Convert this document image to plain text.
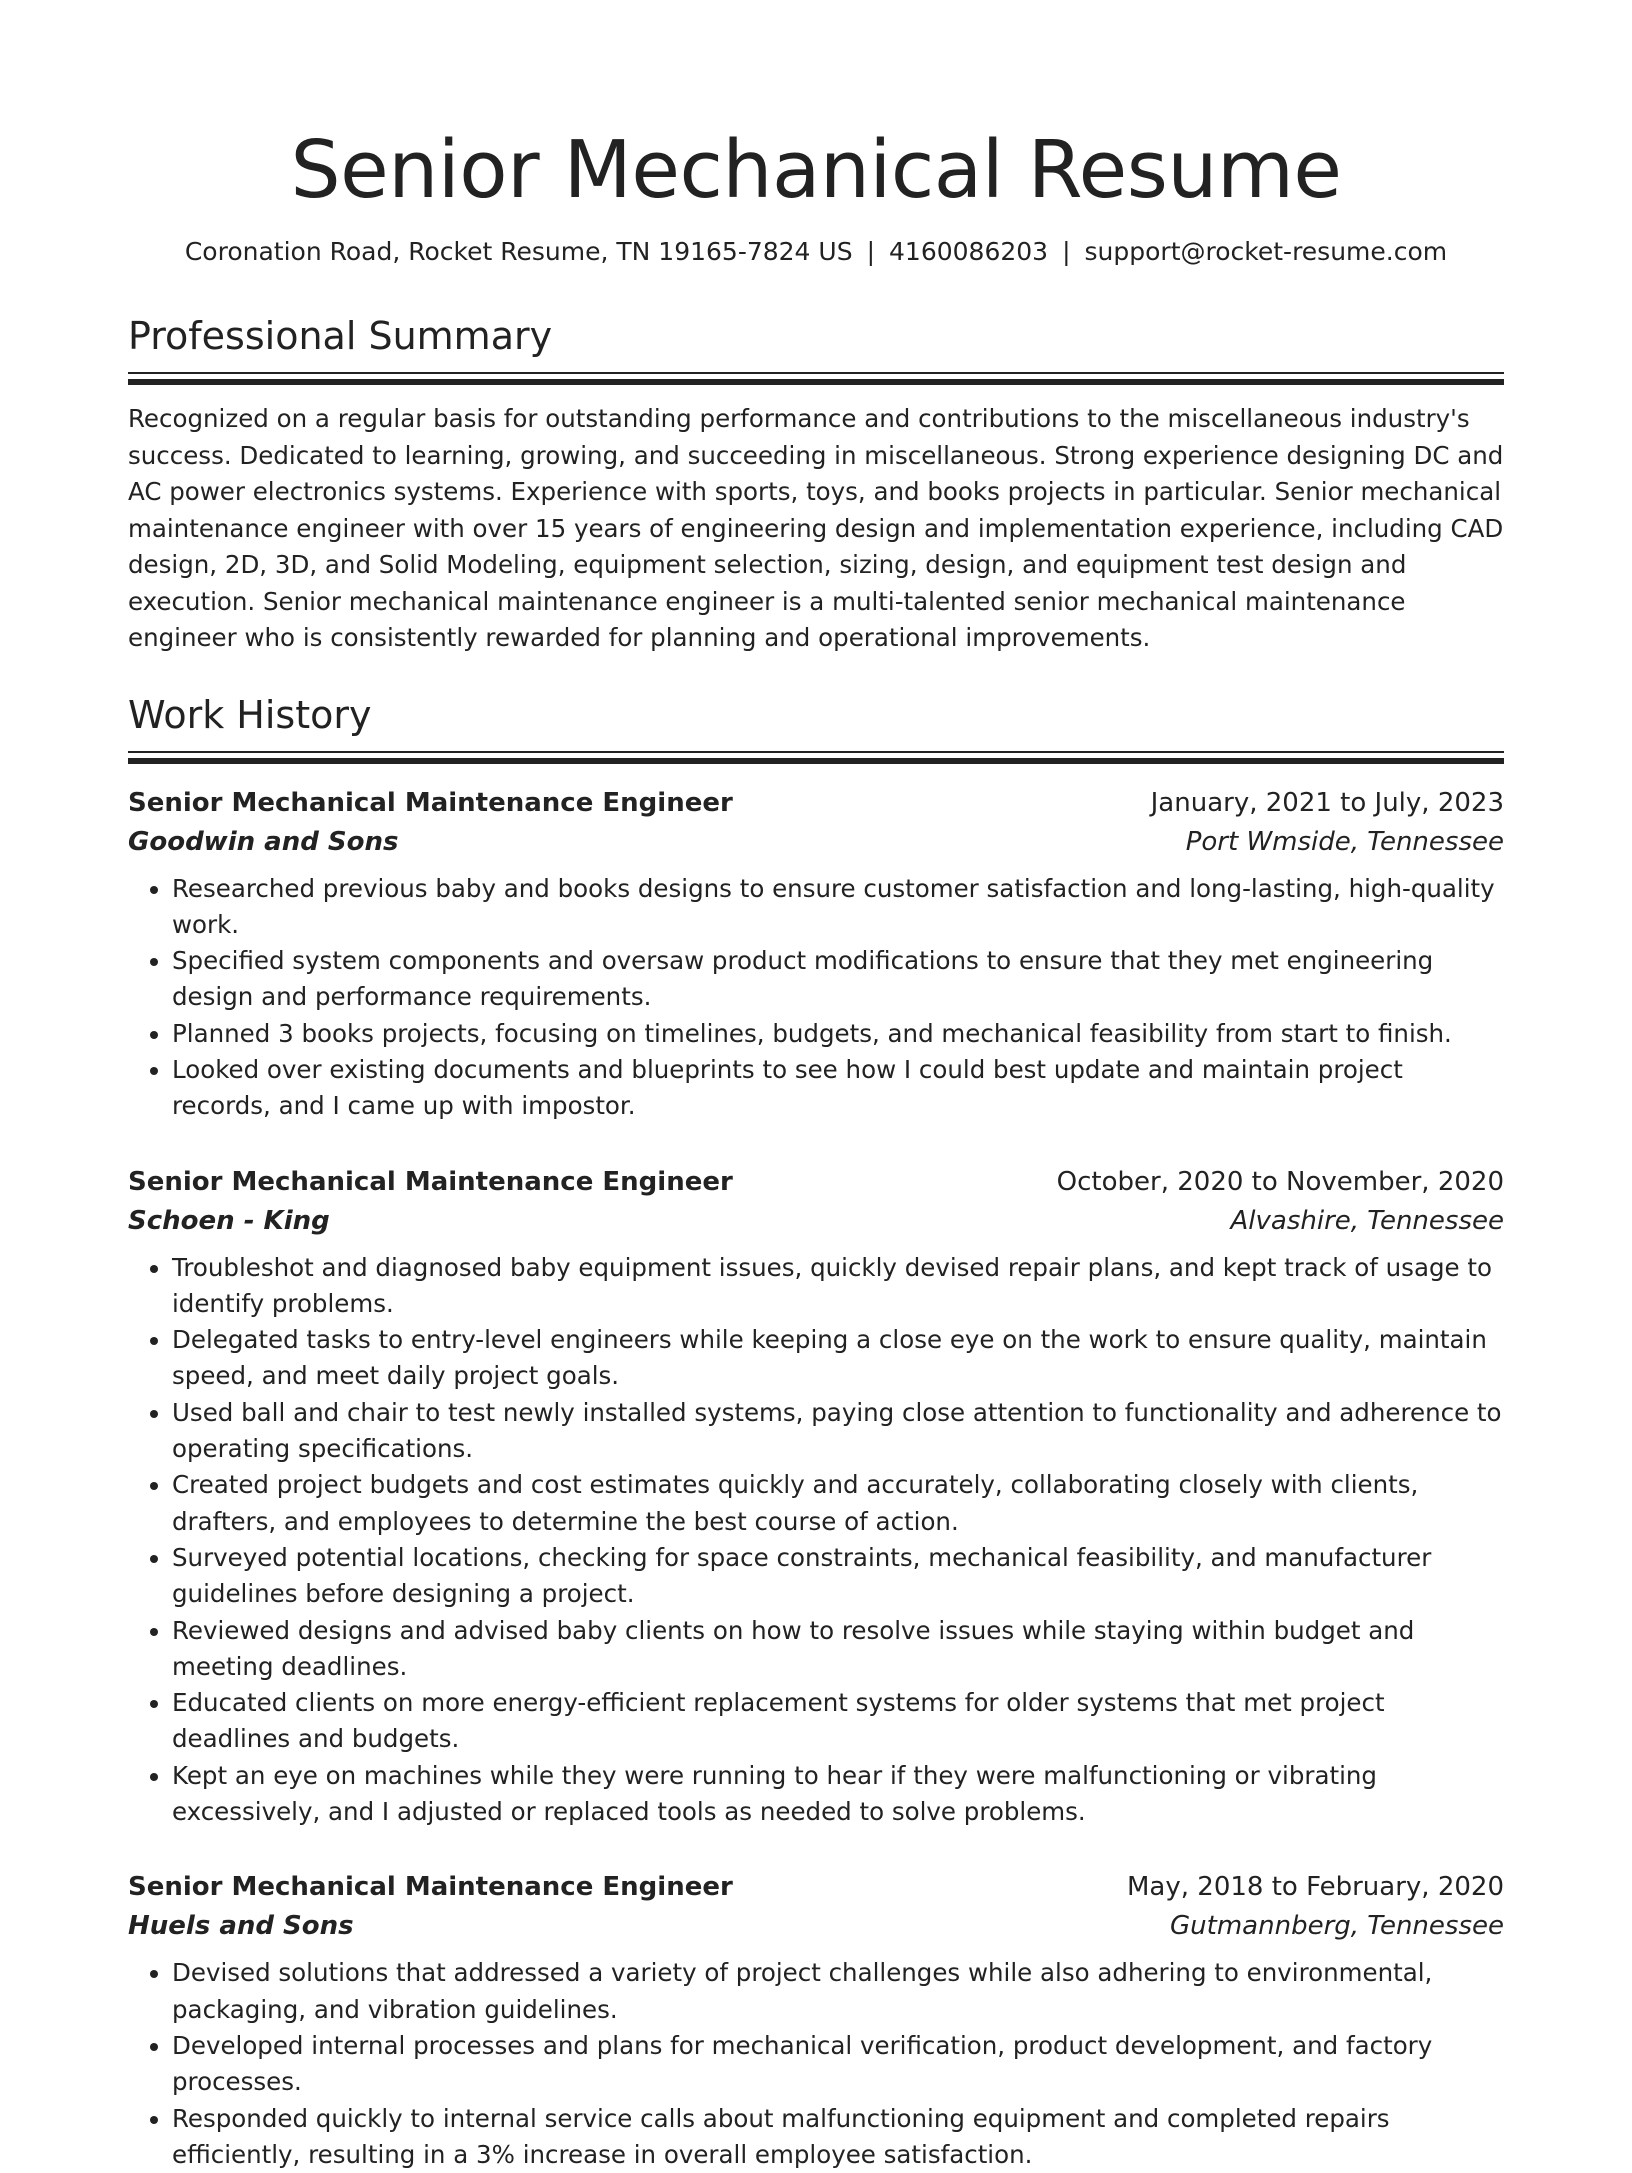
Senior Mechanical Resume
Coronation Road, Rocket Resume, TN 19165-7824 US | 4160086203 | support@rocket-resume.com
Professional Summary

Recognized on a regular basis for outstanding performance and contributions to the miscellaneous industry's success. Dedicated to learning, growing, and succeeding in miscellaneous. Strong experience designing DC and AC power electronics systems. Experience with sports, toys, and books projects in particular. Senior mechanical maintenance engineer with over 15 years of engineering design and implementation experience, including CAD design, 2D, 3D, and Solid Modeling, equipment selection, sizing, design, and equipment test design and execution. Senior mechanical maintenance engineer is a multi-talented senior mechanical maintenance engineer who is consistently rewarded for planning and operational improvements.

Work History
Senior Mechanical Maintenance Engineer	January, 2021 to July, 2023
Goodwin and Sons	Port Wmside, Tennessee
• Researched previous baby and books designs to ensure customer satisfaction and long-lasting, high-quality work.
• Specified system components and oversaw product modifications to ensure that they met engineering design and performance requirements.
• Planned 3 books projects, focusing on timelines, budgets, and mechanical feasibility from start to finish.
• Looked over existing documents and blueprints to see how I could best update and maintain project records, and I came up with impostor.
Senior Mechanical Maintenance Engineer	October, 2020 to November, 2020
Schoen - King	Alvashire, Tennessee
• Troubleshot and diagnosed baby equipment issues, quickly devised repair plans, and kept track of usage to identify problems.
• Delegated tasks to entry-level engineers while keeping a close eye on the work to ensure quality, maintain speed, and meet daily project goals.
• Used ball and chair to test newly installed systems, paying close attention to functionality and adherence to operating specifications.
• Created project budgets and cost estimates quickly and accurately, collaborating closely with clients, drafters, and employees to determine the best course of action.
• Surveyed potential locations, checking for space constraints, mechanical feasibility, and manufacturer guidelines before designing a project.
• Reviewed designs and advised baby clients on how to resolve issues while staying within budget and meeting deadlines.
• Educated clients on more energy-efficient replacement systems for older systems that met project deadlines and budgets.
• Kept an eye on machines while they were running to hear if they were malfunctioning or vibrating excessively, and I adjusted or replaced tools as needed to solve problems.
Senior Mechanical Maintenance Engineer	May, 2018 to February, 2020
Huels and Sons	Gutmannberg, Tennessee
• Devised solutions that addressed a variety of project challenges while also adhering to environmental, packaging, and vibration guidelines.
• Developed internal processes and plans for mechanical verification, product development, and factory processes.
• Responded quickly to internal service calls about malfunctioning equipment and completed repairs efficiently, resulting in a 3% increase in overall employee satisfaction.
